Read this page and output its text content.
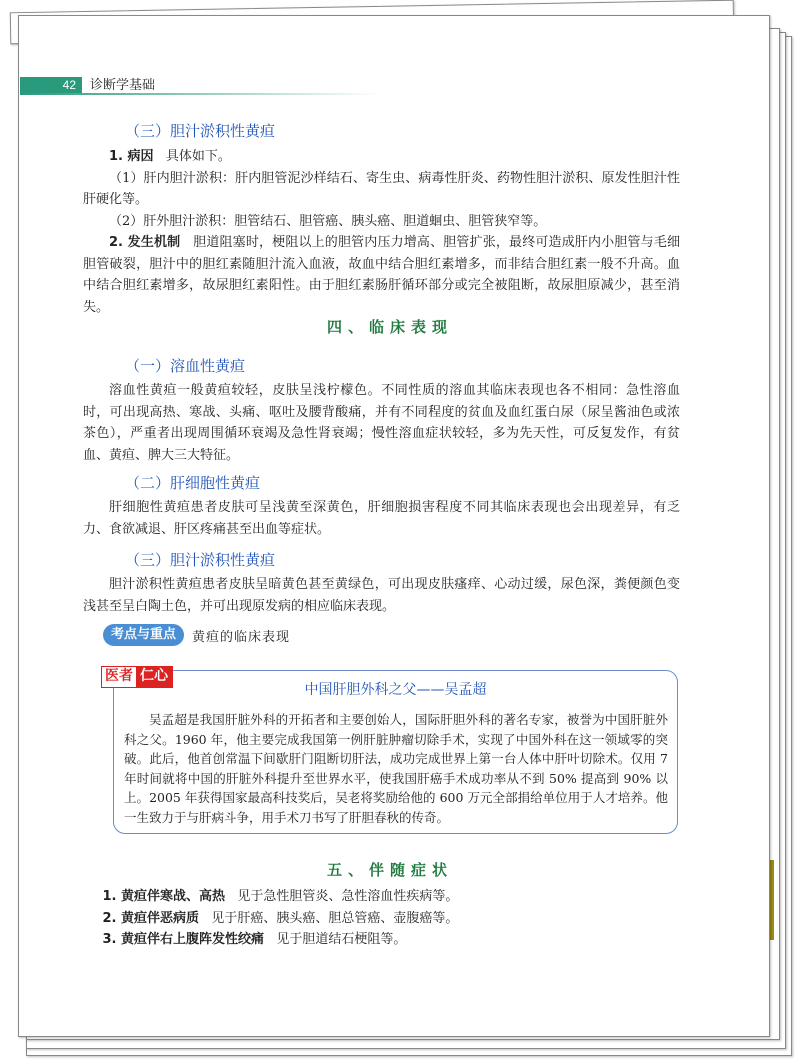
42	诊断学基础
（三）胆汁淤积性黄疸

1. 病因 具体如下。

（1）肝内胆汁淤积：肝内胆管泥沙样结石、寄生虫、病毒性肝炎、药物性胆汁淤积、原发性胆汁性肝硬化等。

（2）肝外胆汁淤积：胆管结石、胆管癌、胰头癌、胆道蛔虫、胆管狭窄等。

2. 发生机制 胆道阻塞时，梗阻以上的胆管内压力增高、胆管扩张，最终可造成肝内小胆管与毛细胆管破裂，胆汁中的胆红素随胆汁流入血液，故血中结合胆红素增多，而非结合胆红素一般不升高。血中结合胆红素增多，故尿胆红素阳性。由于胆红素肠肝循环部分或完全被阻断，故尿胆原减少，甚至消失。

四、临床表现
（一）溶血性黄疸

溶血性黄疸一般黄疸较轻，皮肤呈浅柠檬色。不同性质的溶血其临床表现也各不相同：急性溶血时，可出现高热、寒战、头痛、呕吐及腰背酸痛，并有不同程度的贫血及血红蛋白尿（尿呈酱油色或浓茶色），严重者出现周围循环衰竭及急性肾衰竭；慢性溶血症状较轻，多为先天性，可反复发作，有贫血、黄疸、脾大三大特征。

（二）肝细胞性黄疸

肝细胞性黄疸患者皮肤可呈浅黄至深黄色，肝细胞损害程度不同其临床表现也会出现差异，有乏力、食欲减退、肝区疼痛甚至出血等症状。

（三）胆汁淤积性黄疸

胆汁淤积性黄疸患者皮肤呈暗黄色甚至黄绿色，可出现皮肤瘙痒、心动过缓，尿色深，粪便颜色变浅甚至呈白陶土色，并可出现原发病的相应临床表现。

考点与重点	黄疸的临床表现
医者 仁心
中国肝胆外科之父——吴孟超

吴孟超是我国肝脏外科的开拓者和主要创始人，国际肝胆外科的著名专家，被誉为中国肝脏外科之父。1960 年，他主要完成我国第一例肝脏肿瘤切除手术，实现了中国外科在这一领域零的突破。此后，他首创常温下间歇肝门阻断切肝法，成功完成世界上第一台人体中肝叶切除术。仅用 7 年时间就将中国的肝脏外科提升至世界水平，使我国肝癌手术成功率从不到 50% 提高到 90% 以上。2005 年获得国家最高科技奖后，吴老将奖励给他的 600 万元全部捐给单位用于人才培养。他一生致力于与肝病斗争，用手术刀书写了肝胆春秋的传奇。

五、伴随症状

1. 黄疸伴寒战、高热 见于急性胆管炎、急性溶血性疾病等。

2. 黄疸伴恶病质 见于肝癌、胰头癌、胆总管癌、壶腹癌等。

3. 黄疸伴右上腹阵发性绞痛 见于胆道结石梗阻等。
